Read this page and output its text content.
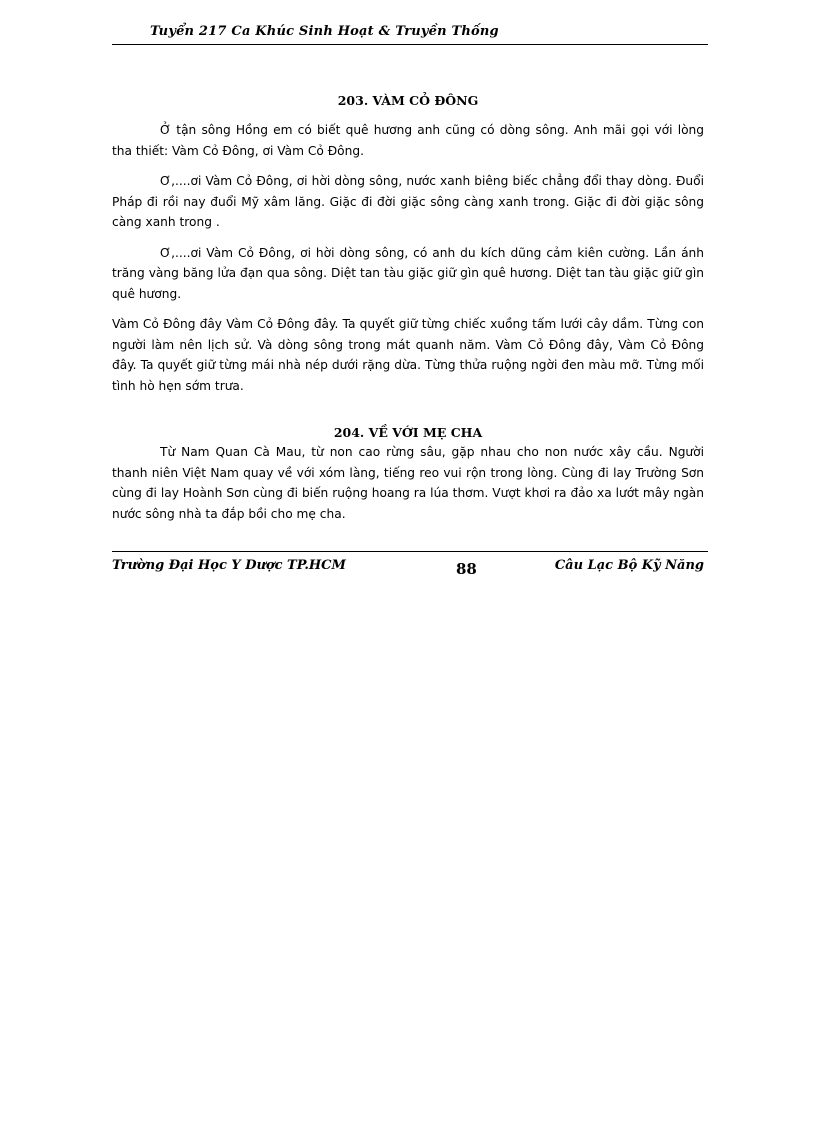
Tuyển 217 Ca Khúc Sinh Hoạt & Truyền Thống
203. VÀM CỎ ĐÔNG

Ở tận sông Hồng em có biết quê hương anh cũng có dòng sông. Anh mãi gọi với lòng tha thiết: Vàm Cỏ Đông, ơi Vàm Cỏ Đông.

Ơ,....ơi Vàm Cỏ Đông, ơi hời dòng sông, nước xanh biêng biếc chẳng đổi thay dòng. Đuổi Pháp đi rồi nay đuổi Mỹ xâm lăng. Giặc đi đời giặc sông càng xanh trong. Giặc đi đời giặc sông càng xanh trong .

Ơ,....ơi Vàm Cỏ Đông, ơi hời dòng sông, có anh du kích dũng cảm kiên cường. Lần ánh trăng vàng băng lửa đạn qua sông. Diệt tan tàu giặc giữ gìn quê hương. Diệt tan tàu giặc giữ gìn quê hương.

Vàm Cỏ Đông đây Vàm Cỏ Đông đây. Ta quyết giữ từng chiếc xuồng tấm lưới cây dầm. Từng con người làm nên lịch sử. Và dòng sông trong mát quanh năm. Vàm Cỏ Đông đây, Vàm Cỏ Đông đây. Ta quyết giữ từng mái nhà nép dưới rặng dừa. Từng thửa ruộng ngời đen màu mỡ. Từng mối tình hò hẹn sớm trưa.

204. VỀ VỚI MẸ CHA

Từ Nam Quan Cà Mau, từ non cao rừng sâu, gặp nhau cho non nước xây cầu. Người thanh niên Việt Nam quay về với xóm làng, tiếng reo vui rộn trong lòng. Cùng đi lay Trường Sơn cùng đi lay Hoành Sơn cùng đi biến ruộng hoang ra lúa thơm. Vượt khơi ra đảo xa lướt mây ngàn nước sông nhà ta đắp bồi cho mẹ cha.

Trường Đại Học Y Dược TP.HCM	88	Câu Lạc Bộ Kỹ Năng
